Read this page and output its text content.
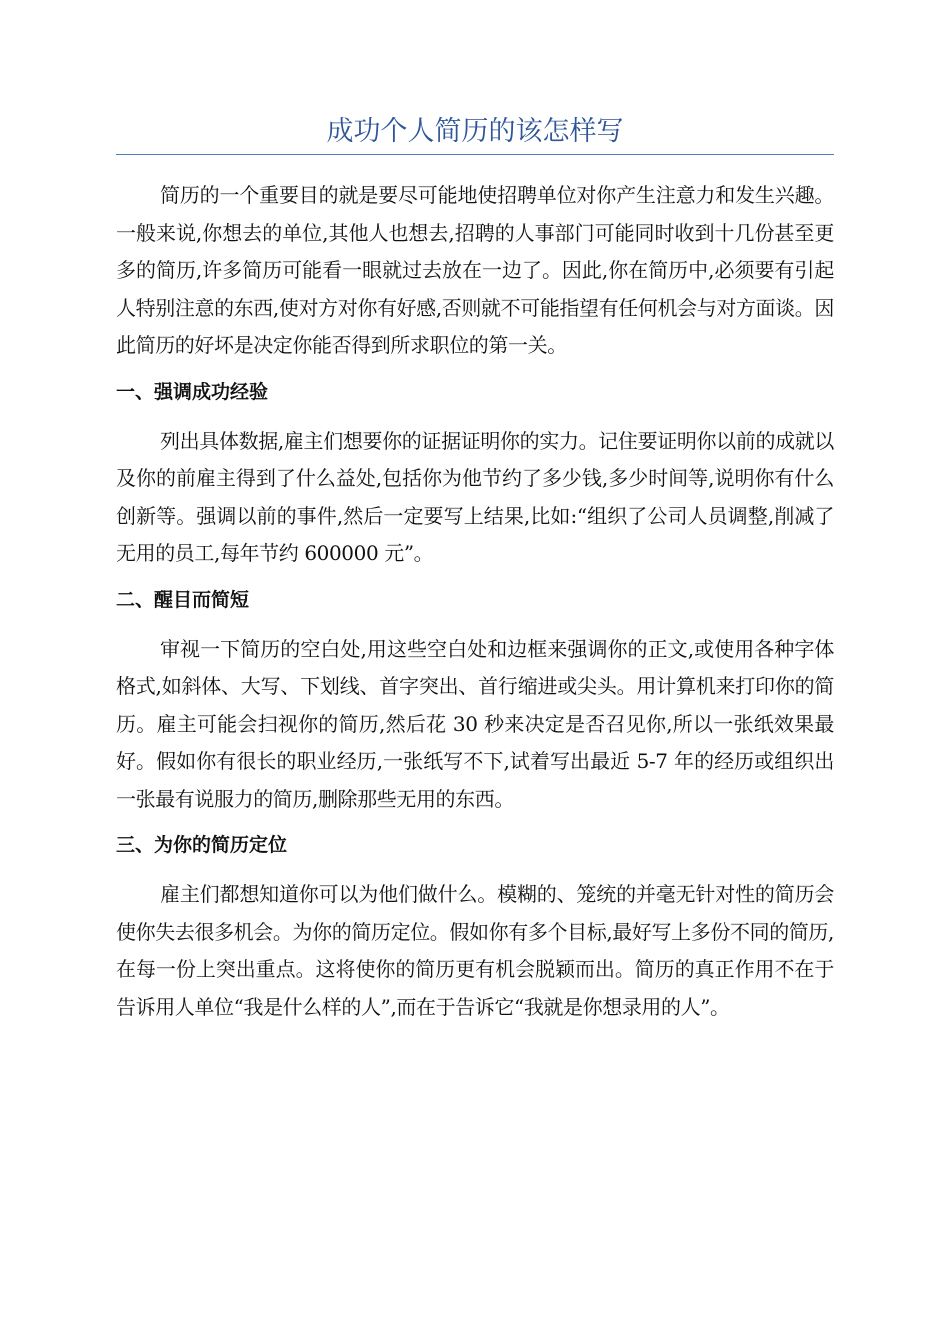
成功个人简历的该怎样写

简历的一个重要目的就是要尽可能地使招聘单位对你产生注意力和发生兴趣。一般来说,你想去的单位,其他人也想去,招聘的人事部门可能同时收到十几份甚至更多的简历,许多简历可能看一眼就过去放在一边了。因此,你在简历中,必须要有引起人特别注意的东西,使对方对你有好感,否则就不可能指望有任何机会与对方面谈。因此简历的好坏是决定你能否得到所求职位的第一关。

一、强调成功经验

列出具体数据,雇主们想要你的证据证明你的实力。记住要证明你以前的成就以及你的前雇主得到了什么益处,包括你为他节约了多少钱,多少时间等,说明你有什么创新等。强调以前的事件,然后一定要写上结果,比如:“组织了公司人员调整,削减了无用的员工,每年节约 600000 元”。

二、醒目而简短

审视一下简历的空白处,用这些空白处和边框来强调你的正文,或使用各种字体格式,如斜体、大写、下划线、首字突出、首行缩进或尖头。用计算机来打印你的简历。雇主可能会扫视你的简历,然后花 30 秒来决定是否召见你,所以一张纸效果最好。假如你有很长的职业经历,一张纸写不下,试着写出最近 5-7 年的经历或组织出一张最有说服力的简历,删除那些无用的东西。

三、为你的简历定位

雇主们都想知道你可以为他们做什么。模糊的、笼统的并毫无针对性的简历会使你失去很多机会。为你的简历定位。假如你有多个目标,最好写上多份不同的简历,在每一份上突出重点。这将使你的简历更有机会脱颖而出。简历的真正作用不在于告诉用人单位“我是什么样的人”,而在于告诉它“我就是你想录用的人”。
